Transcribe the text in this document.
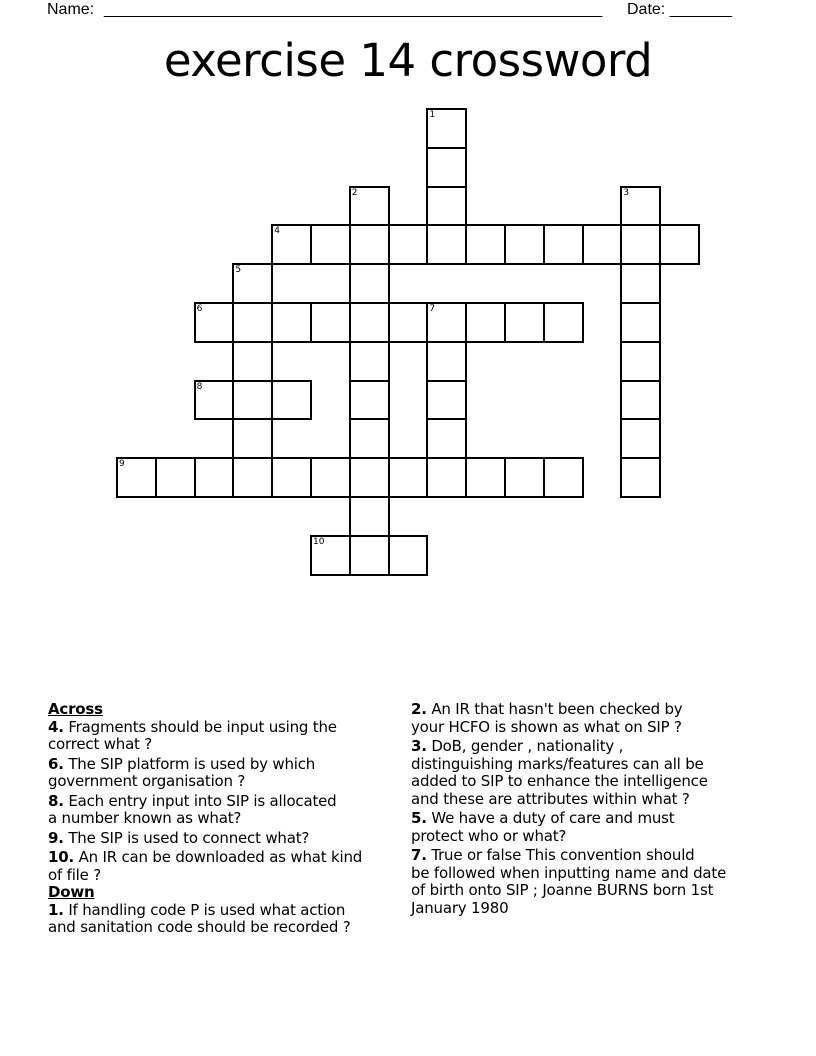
Name: ________________________________________________________ Date: _______
exercise 14 crossword
1
2	3
4
5
6	7
8
9
10
Across
4. Fragments should be input using the
correct what ?
6. The SIP platform is used by which
government organisation ?
8. Each entry input into SIP is allocated
a number known as what?
9. The SIP is used to connect what?
10. An IR can be downloaded as what kind
of file ?
Down
1. If handling code P is used what action
and sanitation code should be recorded ?
2. An IR that hasn't been checked by
your HCFO is shown as what on SIP ?
3. DoB, gender , nationality ,
distinguishing marks/features can all be
added to SIP to enhance the intelligence
and these are attributes within what ?
5. We have a duty of care and must
protect who or what?
7. True or false This convention should
be followed when inputting name and date
of birth onto SIP ; Joanne BURNS born 1st
January 1980
